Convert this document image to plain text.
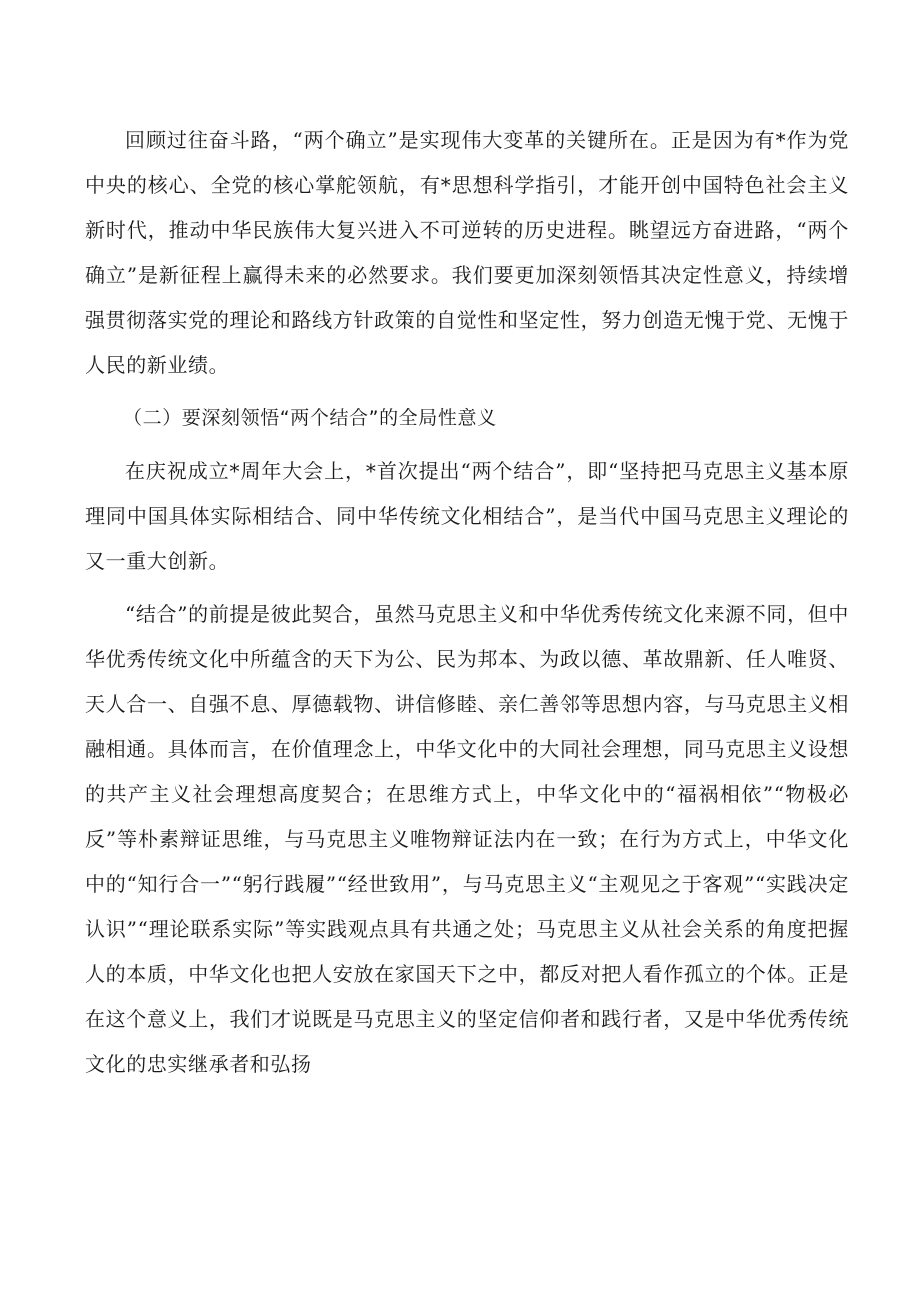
回顾过往奋斗路，“两个确立”是实现伟大变革的关键所在。正是因为有*作为党中央的核心、全党的核心掌舵领航，有*思想科学指引，才能开创中国特色社会主义新时代，推动中华民族伟大复兴进入不可逆转的历史进程。眺望远方奋进路，“两个确立”是新征程上赢得未来的必然要求。我们要更加深刻领悟其决定性意义，持续增强贯彻落实党的理论和路线方针政策的自觉性和坚定性，努力创造无愧于党、无愧于人民的新业绩。

（二）要深刻领悟“两个结合”的全局性意义

在庆祝成立*周年大会上，*首次提出“两个结合”，即“坚持把马克思主义基本原理同中国具体实际相结合、同中华传统文化相结合”，是当代中国马克思主义理论的又一重大创新。

“结合”的前提是彼此契合，虽然马克思主义和中华优秀传统文化来源不同，但中华优秀传统文化中所蕴含的天下为公、民为邦本、为政以德、革故鼎新、任人唯贤、天人合一、自强不息、厚德载物、讲信修睦、亲仁善邻等思想内容，与马克思主义相融相通。具体而言，在价值理念上，中华文化中的大同社会理想，同马克思主义设想的共产主义社会理想高度契合；在思维方式上，中华文化中的“福祸相依”“物极必反”等朴素辩证思维，与马克思主义唯物辩证法内在一致；在行为方式上，中华文化中的“知行合一”“躬行践履”“经世致用”，与马克思主义“主观见之于客观”“实践决定认识”“理论联系实际”等实践观点具有共通之处；马克思主义从社会关系的角度把握人的本质，中华文化也把人安放在家国天下之中，都反对把人看作孤立的个体。正是在这个意义上，我们才说既是马克思主义的坚定信仰者和践行者，又是中华优秀传统文化的忠实继承者和弘扬
